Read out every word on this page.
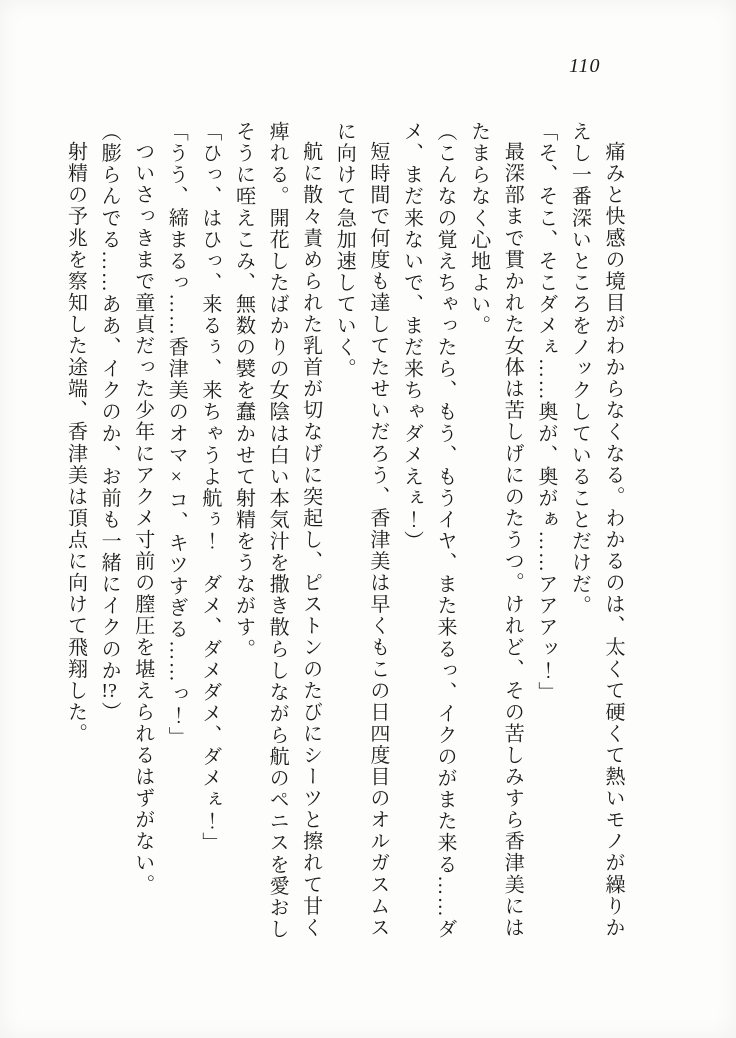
110

痛みと快感の境目がわからなくなる。わかるのは、太くて硬くて熱いモノが繰りかえし一番深いところをノックしていることだけだ。

「そ、そこ、そこダメぇ……奥が、奥がぁ……アアアッ！」

最深部まで貫かれた女体は苦しげにのたうつ。けれど、その苦しみすら香津美にはたまらなく心地よい。

（こんなの覚えちゃったら、もう、もうイヤ、また来るっ、イクのがまた来る……ダメ、まだ来ないで、まだ来ちゃダメえぇ！）

短時間で何度も達してたせいだろう、香津美は早くもこの日四度目のオルガスムスに向けて急加速していく。

航に散々責められた乳首が切なげに突起し、ピストンのたびにシーツと擦れて甘く痺れる。開花したばかりの女陰は白い本気汁を撒き散らしながら航のペニスを愛おしそうに咥えこみ、無数の襞を蠢かせて射精をうながす。

「ひっ、はひっ、来るぅ、来ちゃうよ航ぅ！　ダメ、ダメダメ、ダメぇ！」

「うう、締まるっ……香津美のオマ×コ、キツすぎる……っ！」

ついさっきまで童貞だった少年にアクメ寸前の膣圧を堪えられるはずがない。

（膨らんでる……ああ、イクのか、お前も一緒にイクのか!?）

射精の予兆を察知した途端、香津美は頂点に向けて飛翔した。
